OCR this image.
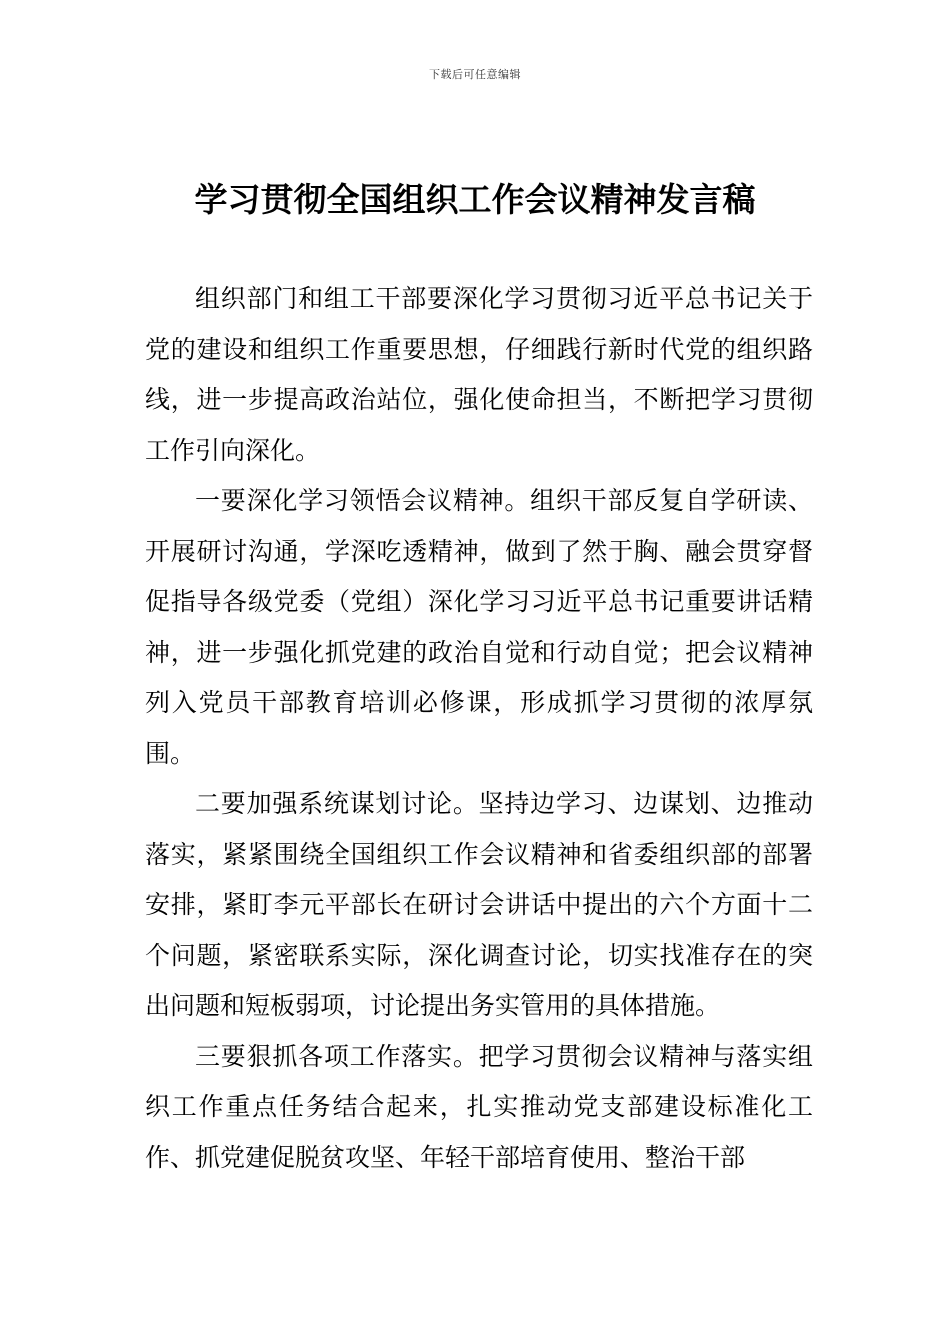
下载后可任意编辑
学习贯彻全国组织工作会议精神发言稿

组织部门和组工干部要深化学习贯彻习近平总书记关于党的建设和组织工作重要思想，仔细践行新时代党的组织路线，进一步提高政治站位，强化使命担当，不断把学习贯彻工作引向深化。

一要深化学习领悟会议精神。组织干部反复自学研读、开展研讨沟通，学深吃透精神，做到了然于胸、融会贯穿督促指导各级党委（党组）深化学习习近平总书记重要讲话精神，进一步强化抓党建的政治自觉和行动自觉；把会议精神列入党员干部教育培训必修课，形成抓学习贯彻的浓厚氛围。

二要加强系统谋划讨论。坚持边学习、边谋划、边推动落实，紧紧围绕全国组织工作会议精神和省委组织部的部署安排，紧盯李元平部长在研讨会讲话中提出的六个方面十二个问题，紧密联系实际，深化调查讨论，切实找准存在的突出问题和短板弱项，讨论提出务实管用的具体措施。

三要狠抓各项工作落实。把学习贯彻会议精神与落实组织工作重点任务结合起来，扎实推动党支部建设标准化工作、抓党建促脱贫攻坚、年轻干部培育使用、整治干部
